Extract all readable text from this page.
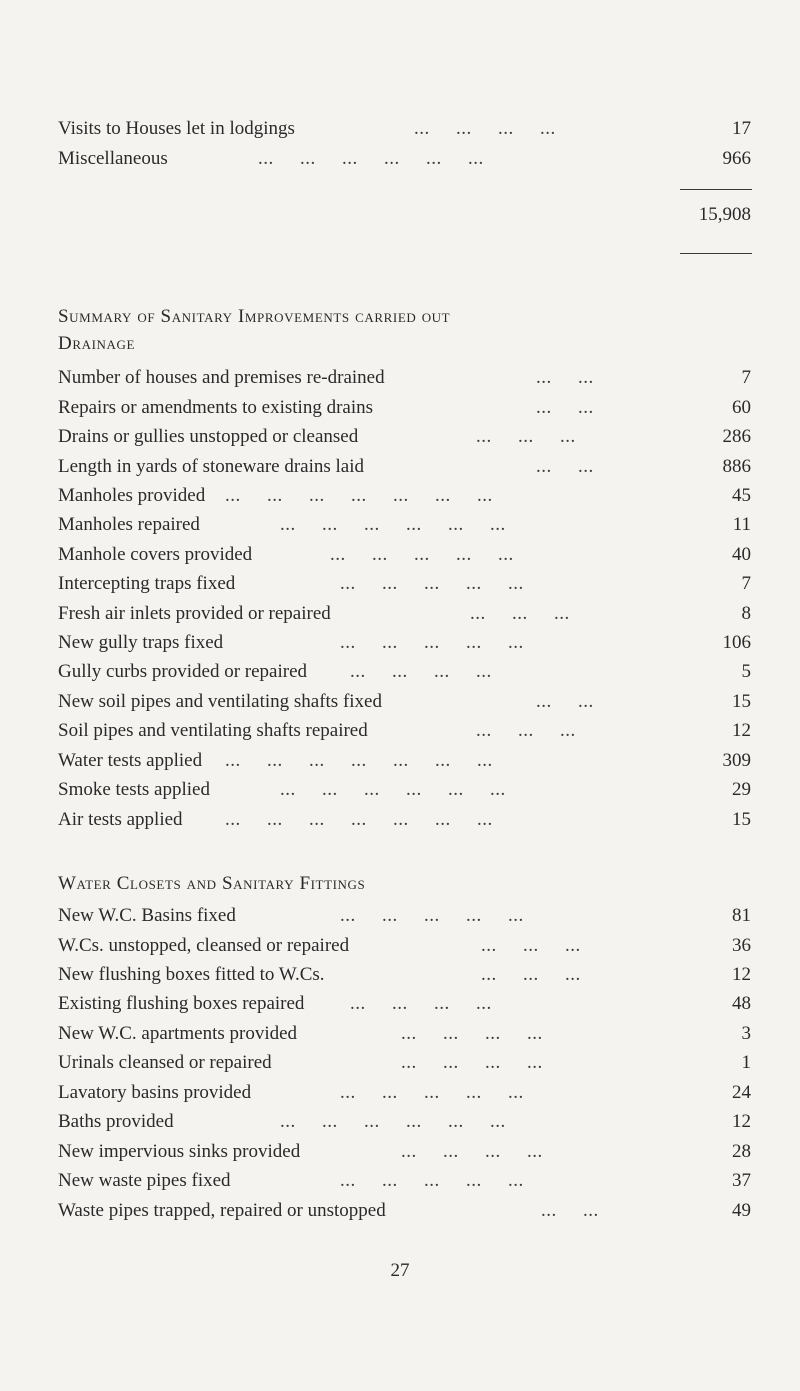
Visits to Houses let in lodgings	...     ...     ...     ...	17
Miscellaneous	...     ...     ...     ...     ...     ...	966
15,908
Summary of Sanitary Improvements carried out
Drainage
Number of houses and premises re-drained	...     ...	7
Repairs or amendments to existing drains	...     ...	60
Drains or gullies unstopped or cleansed	...     ...     ...	286
Length in yards of stoneware drains laid	...     ...	886
Manholes provided ...     ...     ...     ...     ...     ...     ...	45
Manholes repaired	...     ...     ...     ...     ...     ...	11
Manhole covers provided	...     ...     ...     ...     ...	40
Intercepting traps fixed	...     ...     ...     ...     ...	7
Fresh air inlets provided or repaired	...     ...     ...	8
New gully traps fixed	...     ...     ...     ...     ...	106
Gully curbs provided or repaired ...     ...     ...     ...	5
New soil pipes and ventilating shafts fixed	...     ...	15
Soil pipes and ventilating shafts repaired	...     ...     ...	12
Water tests applied ...     ...     ...     ...     ...     ...     ...	309
Smoke tests applied	...     ...     ...     ...     ...     ...	29
Air tests applied ...     ...     ...     ...     ...     ...     ...	15
Water Closets and Sanitary Fittings
New W.C. Basins fixed	...     ...     ...     ...     ...	81
W.Cs. unstopped, cleansed or repaired	...     ...     ...	36
New flushing boxes fitted to W.Cs.	...     ...     ...	12
Existing flushing boxes repaired ...     ...     ...     ...	48
New W.C. apartments provided	...     ...     ...     ...	3
Urinals cleansed or repaired	...     ...     ...     ...	1
Lavatory basins provided	...     ...     ...     ...     ...	24
Baths provided	...     ...     ...     ...     ...     ...	12
New impervious sinks provided	...     ...     ...     ...	28
New waste pipes fixed	...     ...     ...     ...     ...	37
Waste pipes trapped, repaired or unstopped	...     ...	49
27
